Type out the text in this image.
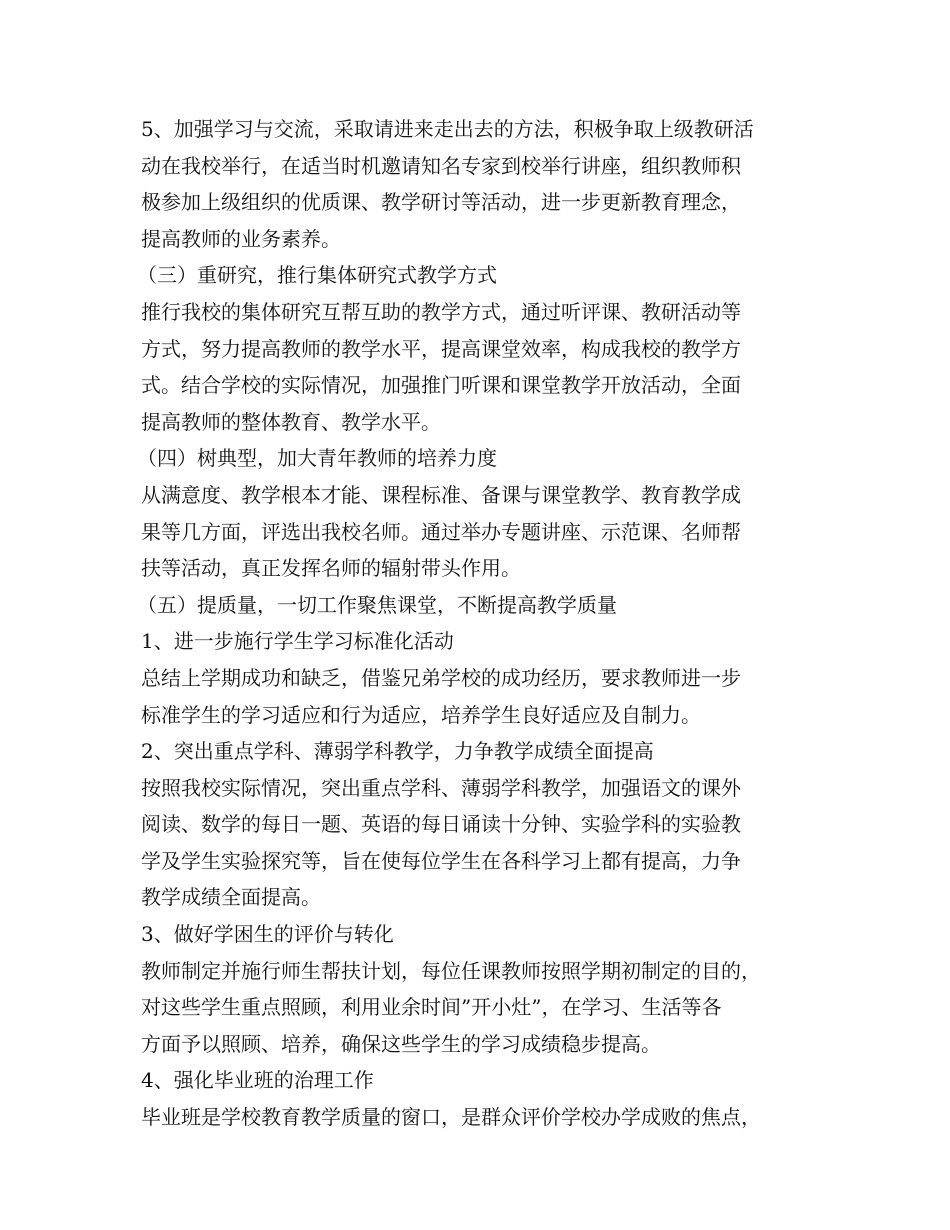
5、加强学习与交流，采取请进来走出去的方法，积极争取上级教研活
动在我校举行，在适当时机邀请知名专家到校举行讲座，组织教师积
极参加上级组织的优质课、教学研讨等活动，进一步更新教育理念，
提高教师的业务素养。
（三）重研究，推行集体研究式教学方式
推行我校的集体研究互帮互助的教学方式，通过听评课、教研活动等
方式，努力提高教师的教学水平，提高课堂效率，构成我校的教学方
式。结合学校的实际情况，加强推门听课和课堂教学开放活动，全面
提高教师的整体教育、教学水平。
（四）树典型，加大青年教师的培养力度
从满意度、教学根本才能、课程标准、备课与课堂教学、教育教学成
果等几方面，评选出我校名师。通过举办专题讲座、示范课、名师帮
扶等活动，真正发挥名师的辐射带头作用。
（五）提质量，一切工作聚焦课堂，不断提高教学质量
1、进一步施行学生学习标准化活动
总结上学期成功和缺乏，借鉴兄弟学校的成功经历，要求教师进一步
标准学生的学习适应和行为适应，培养学生良好适应及自制力。
2、突出重点学科、薄弱学科教学，力争教学成绩全面提高
按照我校实际情况，突出重点学科、薄弱学科教学，加强语文的课外
阅读、数学的每日一题、英语的每日诵读十分钟、实验学科的实验教
学及学生实验探究等，旨在使每位学生在各科学习上都有提高，力争
教学成绩全面提高。
3、做好学困生的评价与转化
教师制定并施行师生帮扶计划，每位任课教师按照学期初制定的目的，
对这些学生重点照顾，利用业余时间”开小灶”，在学习、生活等各
方面予以照顾、培养，确保这些学生的学习成绩稳步提高。
4、强化毕业班的治理工作
毕业班是学校教育教学质量的窗口，是群众评价学校办学成败的焦点，
